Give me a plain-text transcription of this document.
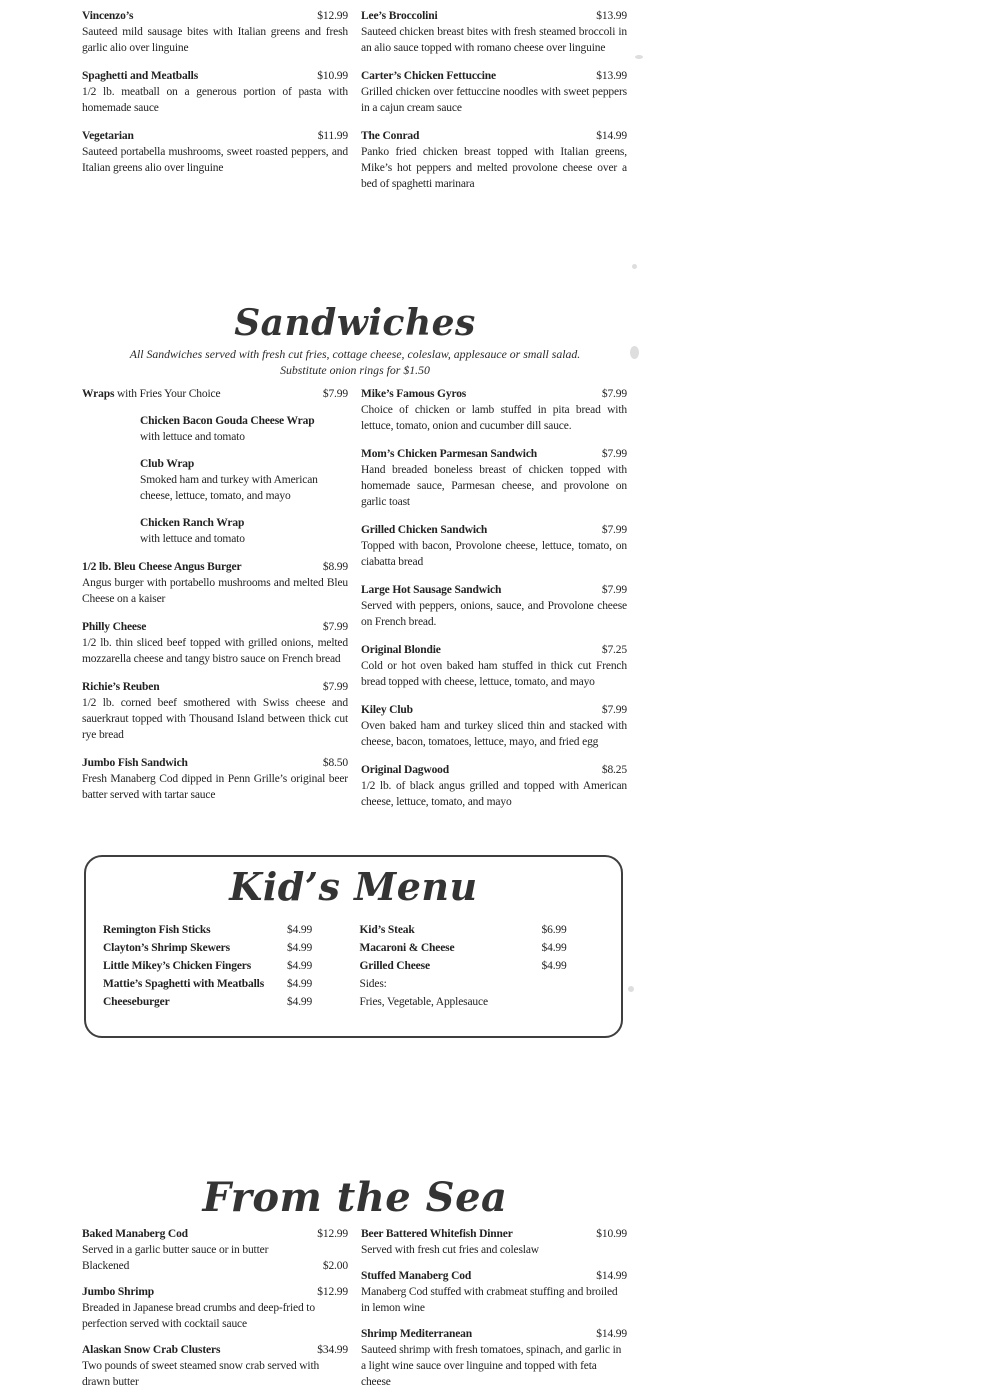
Vincenzo’s	$12.99
Sauteed mild sausage bites with Italian greens and fresh garlic alio over linguine
Spaghetti and Meatballs	$10.99
1/2 lb. meatball on a generous portion of pasta with homemade sauce
Vegetarian	$11.99
Sauteed portabella mushrooms, sweet roasted peppers, and Italian greens alio over linguine
Lee’s Broccolini	$13.99
Sauteed chicken breast bites with fresh steamed broccoli in an alio sauce topped with romano cheese over linguine
Carter’s Chicken Fettuccine	$13.99
Grilled chicken over fettuccine noodles with sweet peppers in a cajun cream sauce
The Conrad	$14.99
Panko fried chicken breast topped with Italian greens, Mike’s hot peppers and melted provolone cheese over a bed of spaghetti marinara
Sandwiches

All Sandwiches served with fresh cut fries, cottage cheese, coleslaw, applesauce or small salad.

Substitute onion rings for $1.50

Wraps with Fries Your Choice	$7.99
Chicken Bacon Gouda Cheese Wrap
with lettuce and tomato
Club Wrap
Smoked ham and turkey with American cheese, lettuce, tomato, and mayo
Chicken Ranch Wrap
with lettuce and tomato
1/2 lb. Bleu Cheese Angus Burger	$8.99
Angus burger with portabello mushrooms and melted Bleu Cheese on a kaiser
Philly Cheese	$7.99
1/2 lb. thin sliced beef topped with grilled onions, melted mozzarella cheese and tangy bistro sauce on French bread
Richie’s Reuben	$7.99
1/2 lb. corned beef smothered with Swiss cheese and sauerkraut topped with Thousand Island between thick cut rye bread
Jumbo Fish Sandwich	$8.50
Fresh Manaberg Cod dipped in Penn Grille’s original beer batter served with tartar sauce
Mike’s Famous Gyros	$7.99
Choice of chicken or lamb stuffed in pita bread with lettuce, tomato, onion and cucumber dill sauce.
Mom’s Chicken Parmesan Sandwich	$7.99
Hand breaded boneless breast of chicken topped with homemade sauce, Parmesan cheese, and provolone on garlic toast
Grilled Chicken Sandwich	$7.99
Topped with bacon, Provolone cheese, lettuce, tomato, on ciabatta bread
Large Hot Sausage Sandwich	$7.99
Served with peppers, onions, sauce, and Provolone cheese on French bread.
Original Blondie	$7.25
Cold or hot oven baked ham stuffed in thick cut French bread topped with cheese, lettuce, tomato, and mayo
Kiley Club	$7.99
Oven baked ham and turkey sliced thin and stacked with cheese, bacon, tomatoes, lettuce, mayo, and fried egg
Original Dagwood	$8.25
1/2 lb. of black angus grilled and topped with American cheese, lettuce, tomato, and mayo
Kid’s Menu
Remington Fish Sticks	$4.99
Clayton’s Shrimp Skewers	$4.99
Little Mikey’s Chicken Fingers	$4.99
Mattie’s Spaghetti with Meatballs	$4.99
Cheeseburger	$4.99
Kid’s Steak	$6.99
Macaroni & Cheese	$4.99
Grilled Cheese	$4.99
Sides:
Fries, Vegetable, Applesauce
From the Sea
Baked Manaberg Cod	$12.99
Served in a garlic butter sauce or in butter
Blackened	$2.00
Jumbo Shrimp	$12.99
Breaded in Japanese bread crumbs and deep-fried to perfection served with cocktail sauce
Alaskan Snow Crab Clusters	$34.99
Two pounds of sweet steamed snow crab served with drawn butter
Beer Battered Whitefish Dinner	$10.99
Served with fresh cut fries and coleslaw
Stuffed Manaberg Cod	$14.99
Manaberg Cod stuffed with crabmeat stuffing and broiled in lemon wine
Shrimp Mediterranean	$14.99
Sauteed shrimp with fresh tomatoes, spinach, and garlic in a light wine sauce over linguine and topped with feta cheese
